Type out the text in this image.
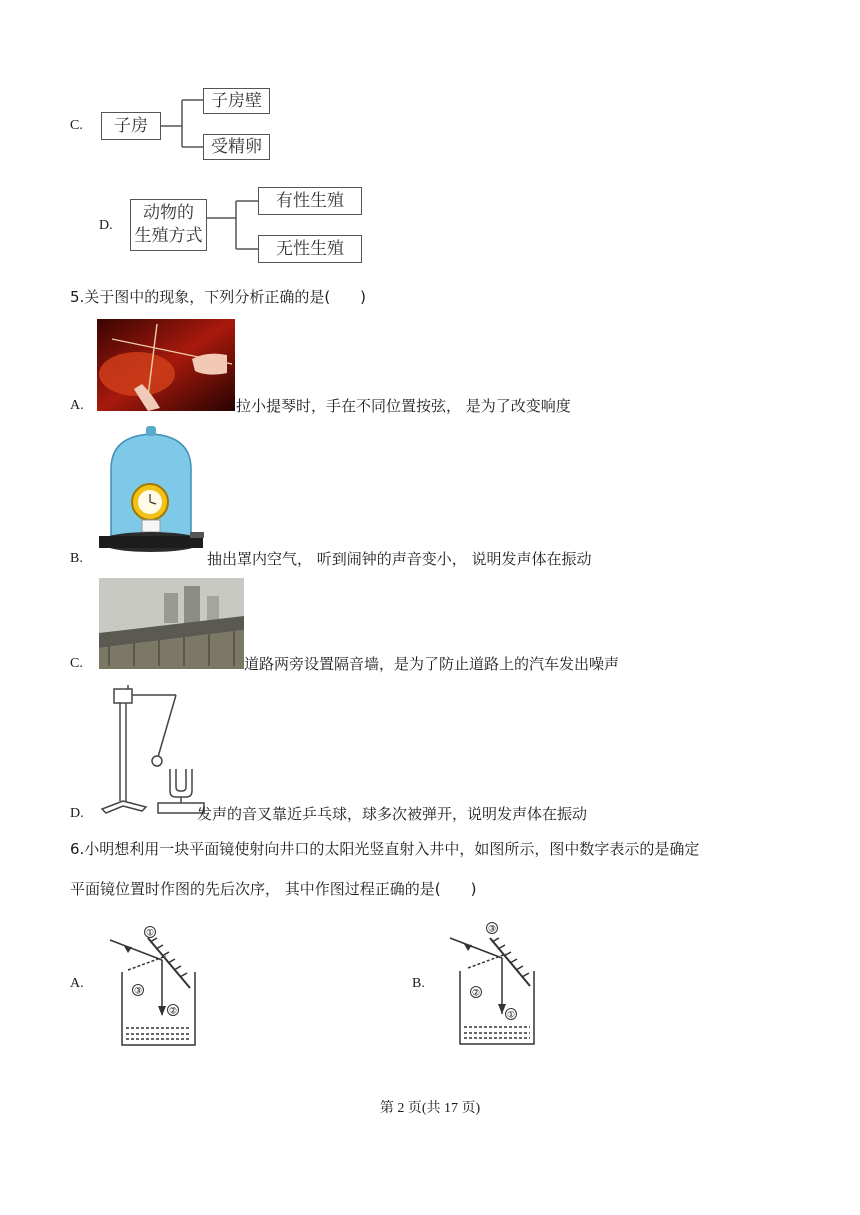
C.	子房
子房壁
受精卵
D.
动物的
生殖方式
有性生殖
无性生殖
5.关于图中的现象，下列分析正确的是(　　)
A.	拉小提琴时，手在不同位置按弦， 是为了改变响度
B.	抽出罩内空气， 听到闹钟的声音变小， 说明发声体在振动
C.	道路两旁设置隔音墙，是为了防止道路上的汽车发出噪声
D.	发声的音叉靠近乒乓球，球多次被弹开，说明发声体在振动
6.小明想利用一块平面镜使射向井口的太阳光竖直射入井中，如图所示，图中数字表示的是确定
平面镜位置时作图的先后次序， 其中作图过程正确的是(　　)
A.
①
③
②
B.
③
②
①
第 2 页(共 17 页)
